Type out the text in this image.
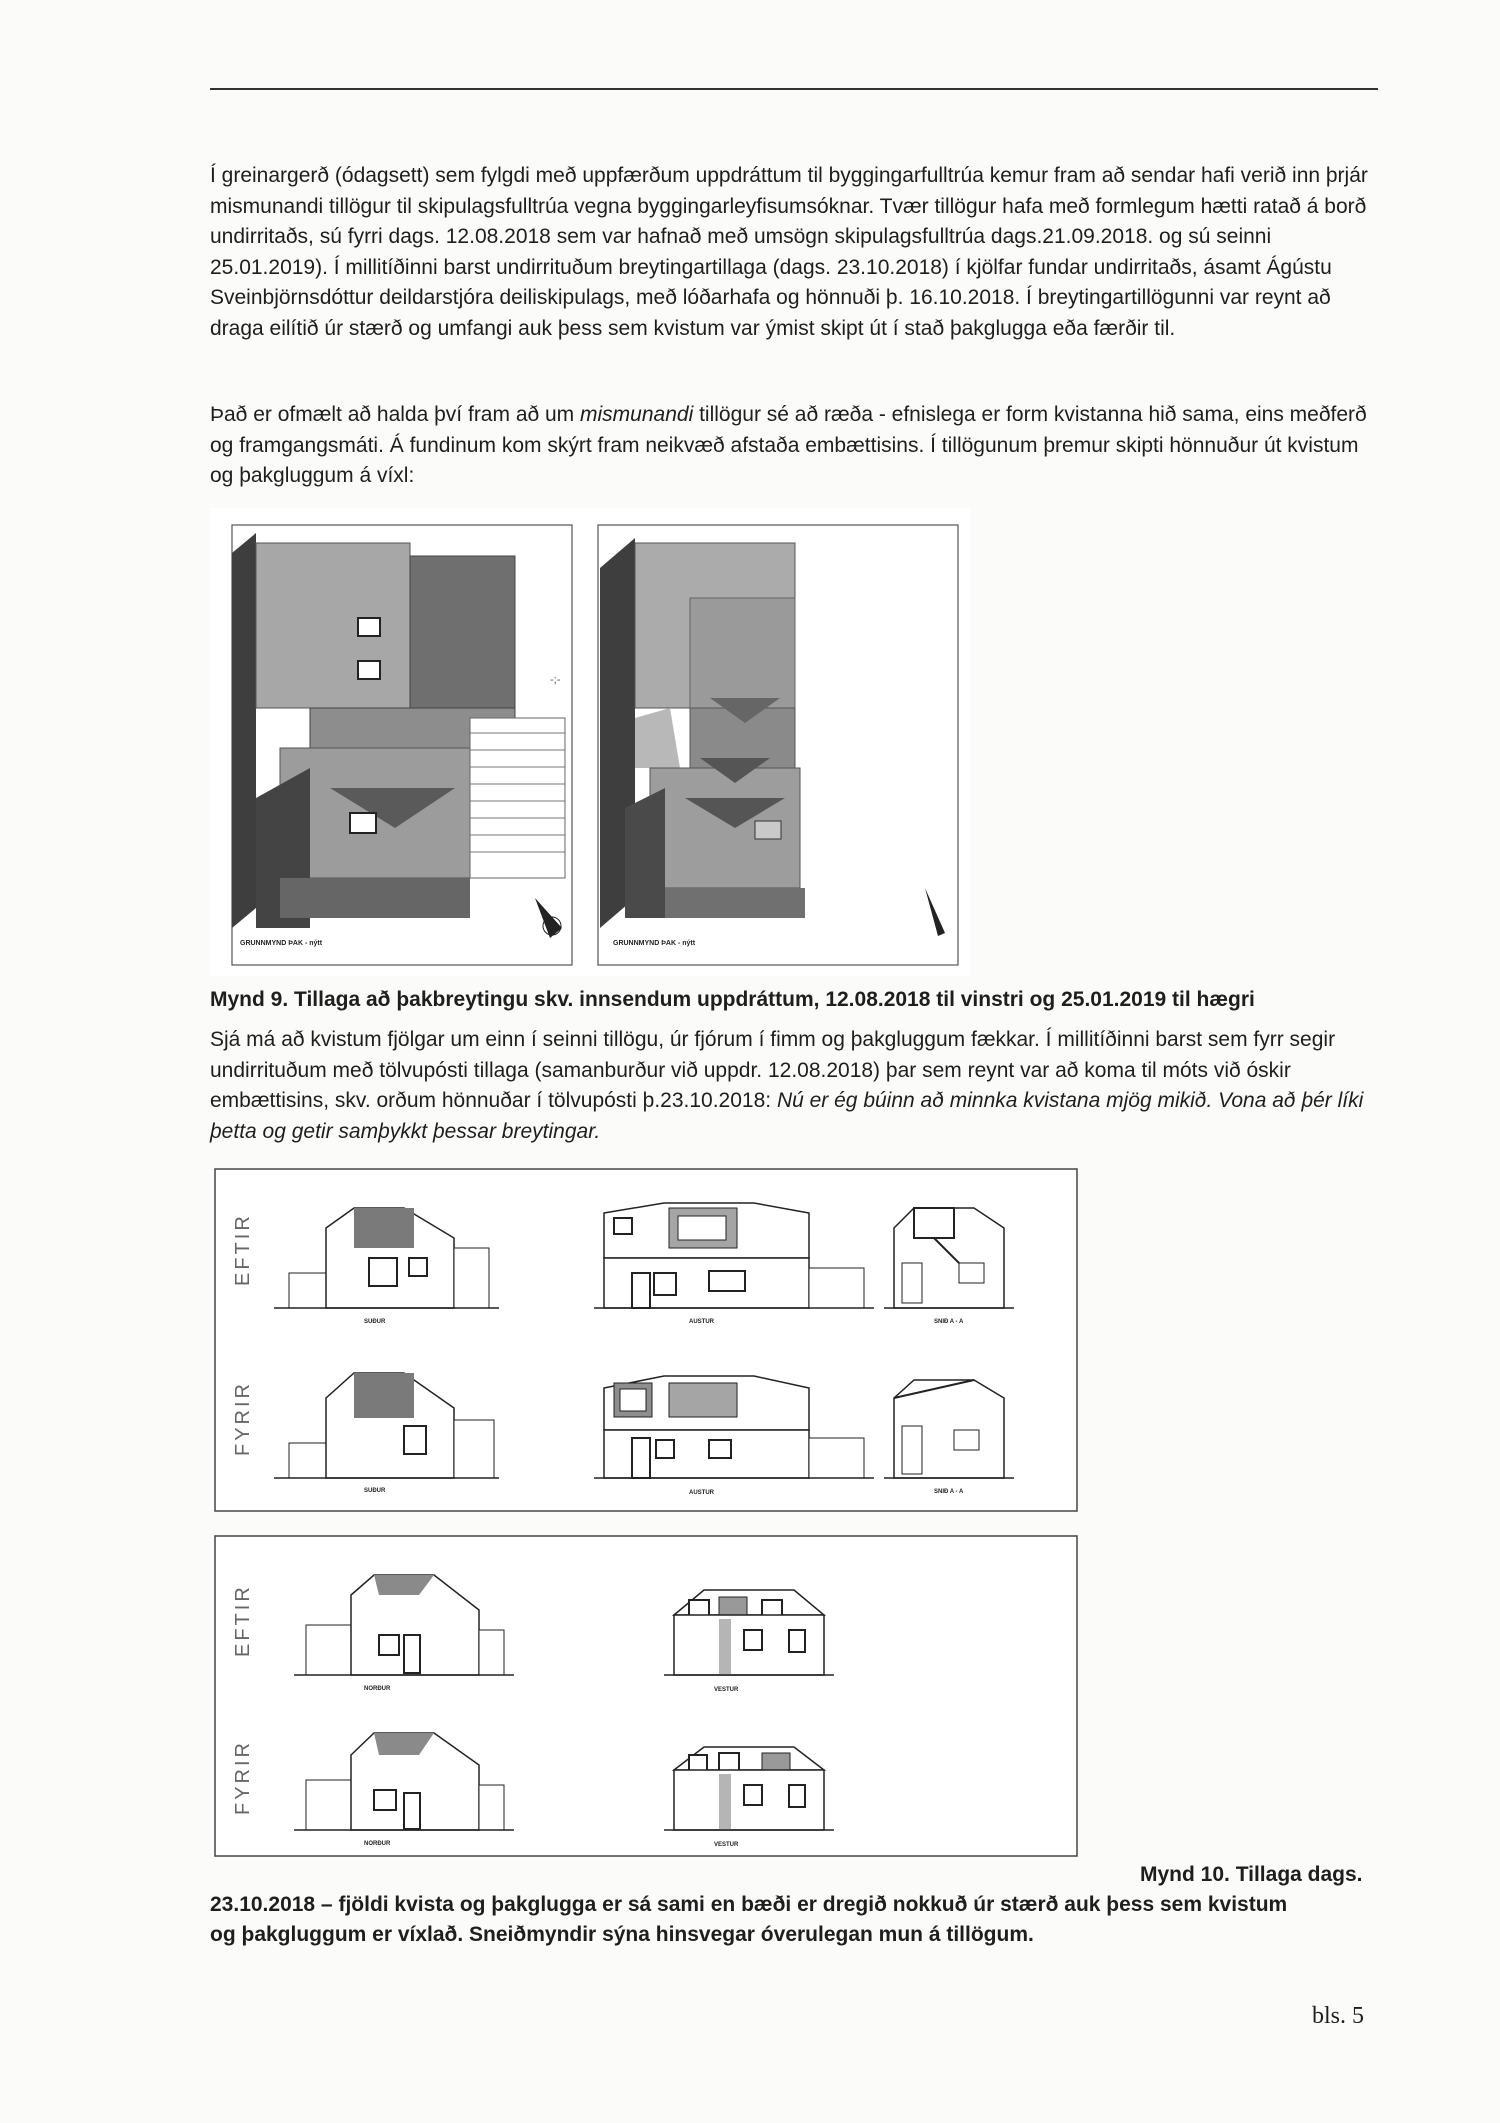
Í greinargerð (ódagsett) sem fylgdi með uppfærðum uppdráttum til byggingarfulltrúa kemur fram að sendar hafi verið inn þrjár mismunandi tillögur til skipulagsfulltrúa vegna byggingarleyfisumsóknar. Tvær tillögur hafa með formlegum hætti ratað á borð undirritaðs, sú fyrri dags. 12.08.2018 sem var hafnað með umsögn skipulagsfulltrúa dags.21.09.2018. og sú seinni 25.01.2019). Í millitíðinni barst undirrituðum breytingartillaga (dags. 23.10.2018) í kjölfar fundar undirritaðs, ásamt Ágústu Sveinbjörnsdóttur deildarstjóra deiliskipulags, með lóðarhafa og hönnuði þ. 16.10.2018. Í breytingartillögunni var reynt að draga eilítið úr stærð og umfangi auk þess sem kvistum var ýmist skipt út í stað þakglugga eða færðir til.

Það er ofmælt að halda því fram að um mismunandi tillögur sé að ræða - efnislega er form kvistanna hið sama, eins meðferð og framgangsmáti. Á fundinum kom skýrt fram neikvæð afstaða embættisins. Í tillögunum þremur skipti hönnuður út kvistum og þakgluggum á víxl:

-;-
GRUNNMYND ÞAK - nýtt	GRUNNMYND ÞAK - nýtt
Mynd 9. Tillaga að þakbreytingu skv. innsendum uppdráttum, 12.08.2018 til vinstri og 25.01.2019 til hægri

Sjá má að kvistum fjölgar um einn í seinni tillögu, úr fjórum í fimm og þakgluggum fækkar. Í millitíðinni barst sem fyrr segir undirrituðum með tölvupósti tillaga (samanburður við uppdr. 12.08.2018) þar sem reynt var að koma til móts við óskir embættisins, skv. orðum hönnuðar í tölvupósti þ.23.10.2018: Nú er ég búinn að minnka kvistana mjög mikið. Vona að þér líki þetta og getir samþykkt þessar breytingar.

EFTIR
FYRIR
SUÐUR	AUSTUR	SNIÐ A - A
SUÐUR	AUSTUR	SNIÐ A - A
EFTIR
FYRIR
NORÐUR	VESTUR
NORÐUR	VESTUR
Mynd 10. Tillaga dags.
23.10.2018 – fjöldi kvista og þakglugga er sá sami en bæði er dregið nokkuð úr stærð auk þess sem kvistum
og þakgluggum er víxlað. Sneiðmyndir sýna hinsvegar óverulegan mun á tillögum.
bls. 5
